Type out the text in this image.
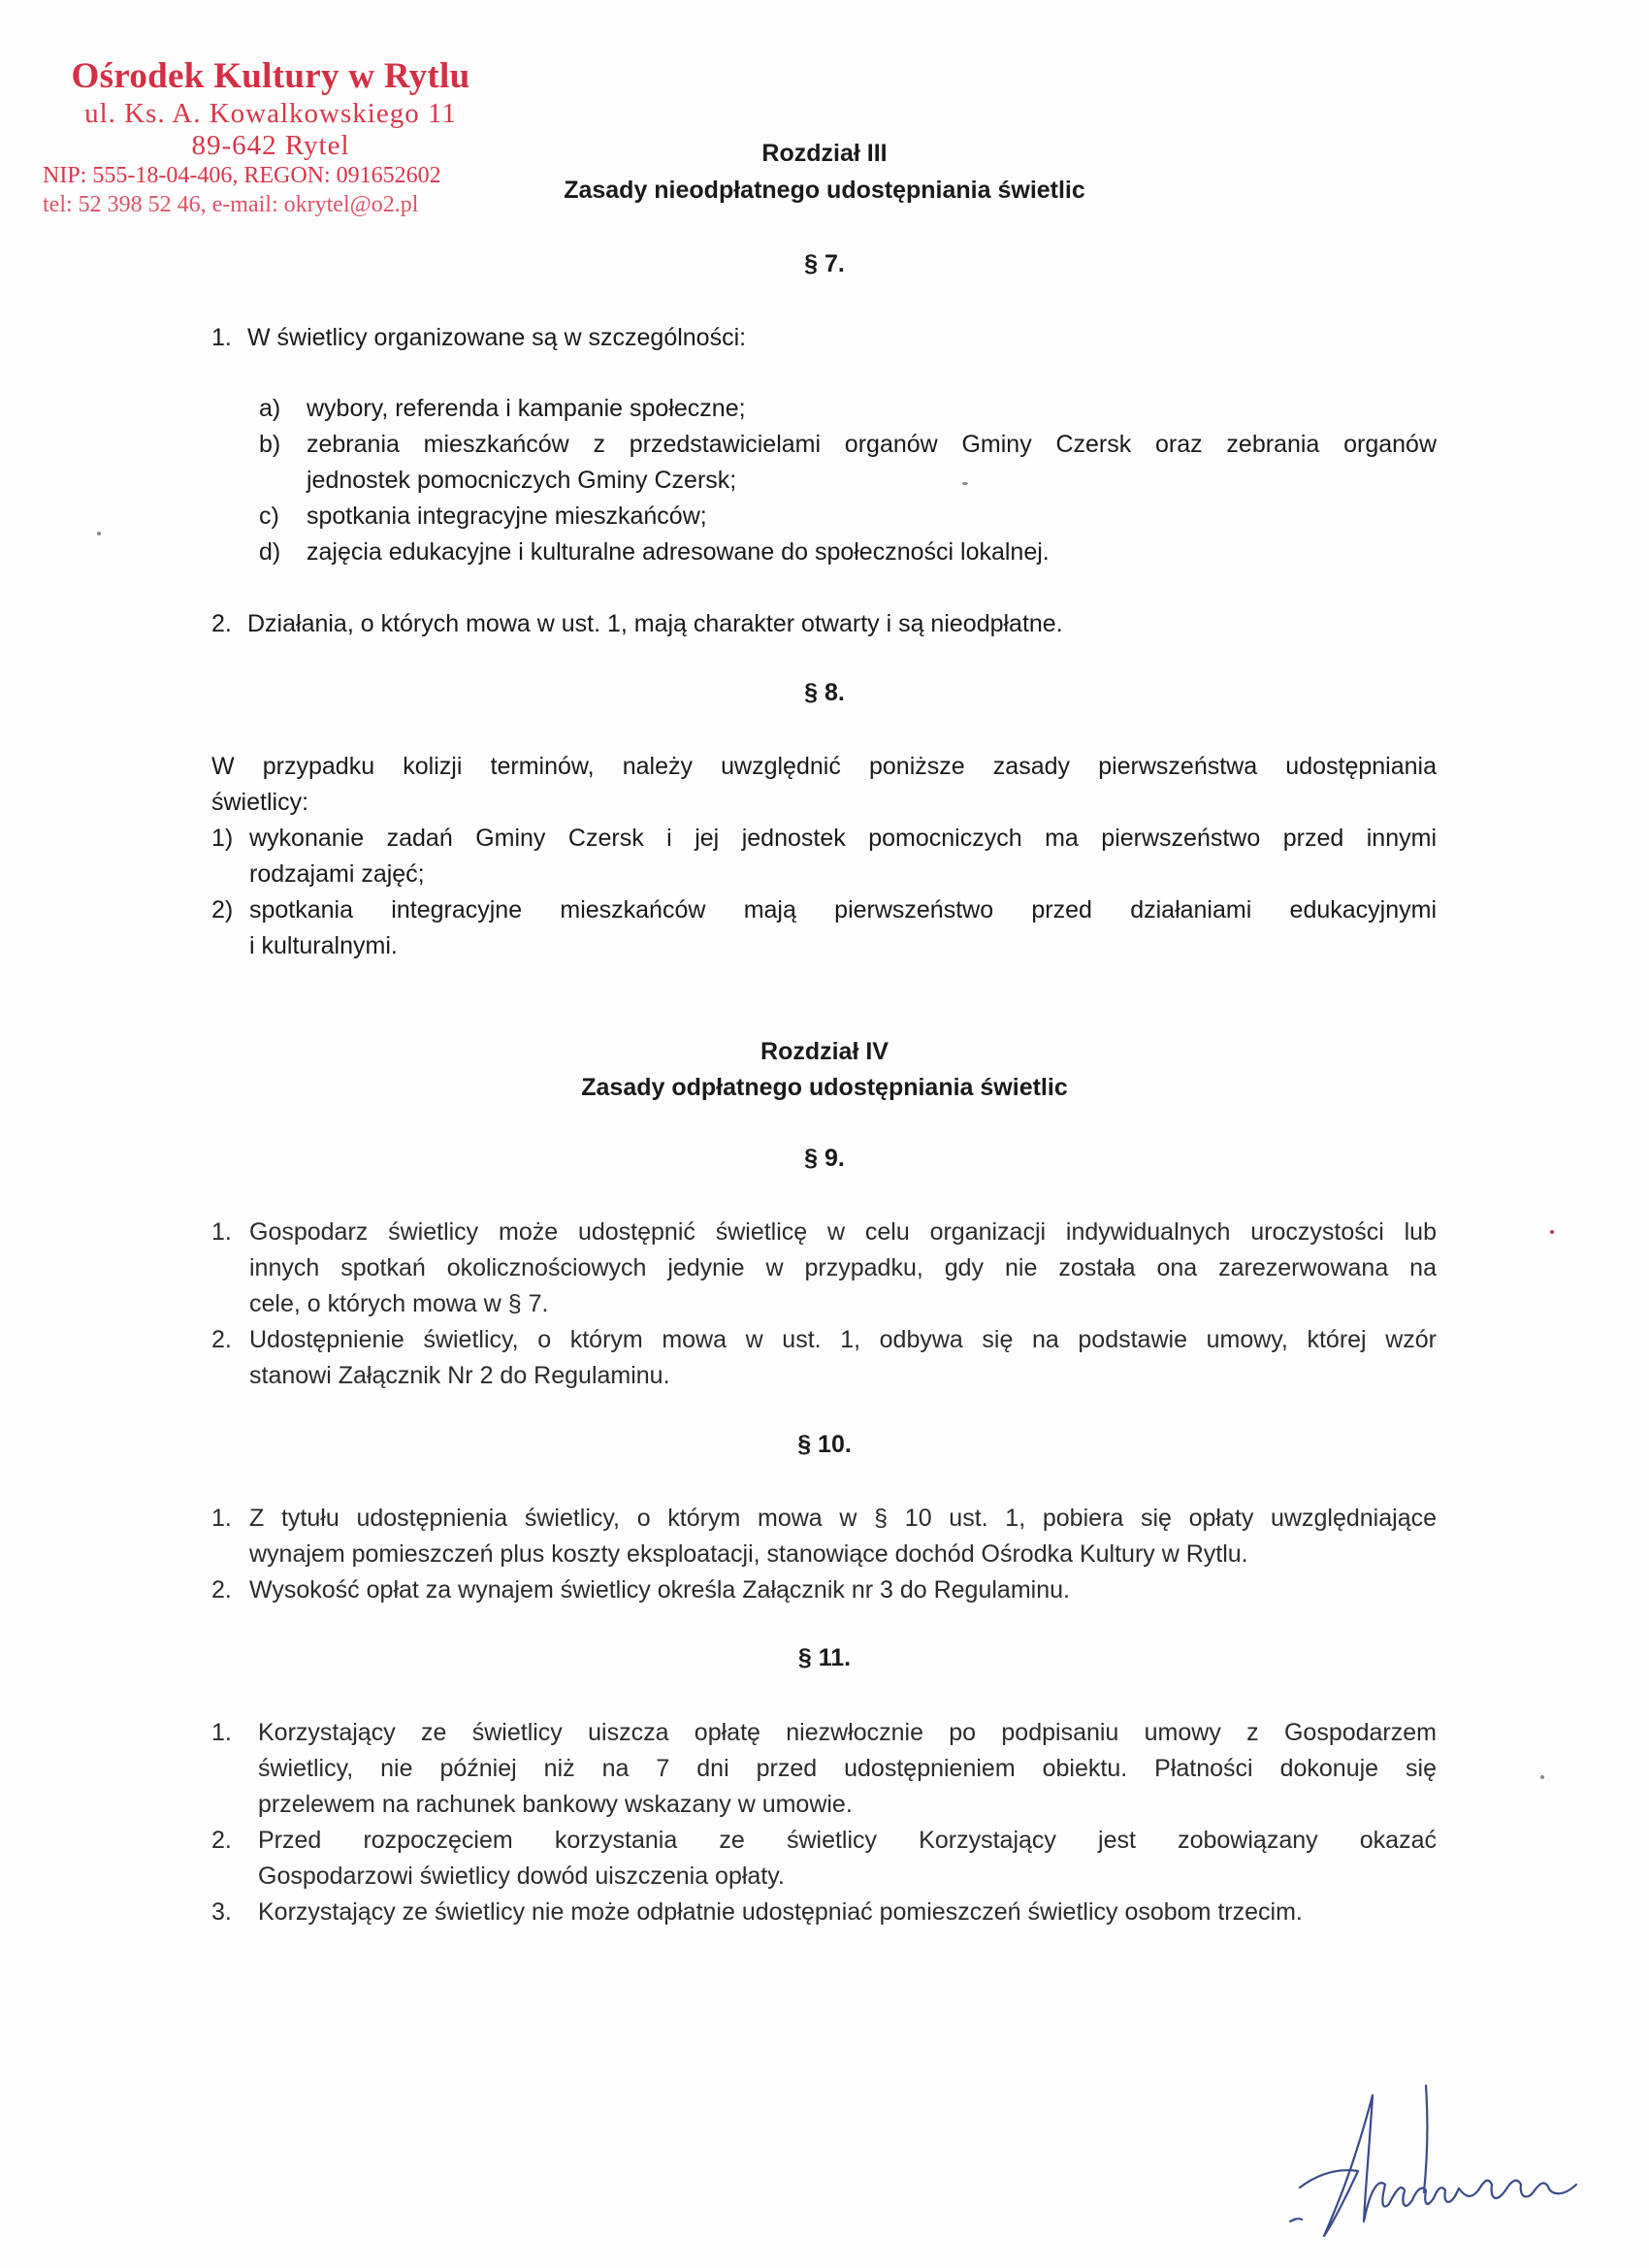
Ośrodek Kultury w Rytlu
ul. Ks. A. Kowalkowskiego 11
89-642 Rytel
NIP: 555-18-04-406, REGON: 091652602
tel: 52 398 52 46, e-mail: okrytel@o2.pl
Rozdział III
Zasady nieodpłatnego udostępniania świetlic
§ 7.
1. W świetlicy organizowane są w szczególności:
a) wybory, referenda i kampanie społeczne;
b) zebrania mieszkańców z przedstawicielami organów Gminy Czersk oraz zebrania organów
jednostek pomocniczych Gminy Czersk;
c) spotkania integracyjne mieszkańców;
d) zajęcia edukacyjne i kulturalne adresowane do społeczności lokalnej.
2. Działania, o których mowa w ust. 1, mają charakter otwarty i są nieodpłatne.
§ 8.
W przypadku kolizji terminów, należy uwzględnić poniższe zasady pierwszeństwa udostępniania
świetlicy:
1) wykonanie zadań Gminy Czersk i jej jednostek pomocniczych ma pierwszeństwo przed innymi
rodzajami zajęć;
2) spotkania integracyjne mieszkańców mają pierwszeństwo przed działaniami edukacyjnymi
i kulturalnymi.
Rozdział IV
Zasady odpłatnego udostępniania świetlic
§ 9.
1. Gospodarz świetlicy może udostępnić świetlicę w celu organizacji indywidualnych uroczystości lub
innych spotkań okolicznościowych jedynie w przypadku, gdy nie została ona zarezerwowana na
cele, o których mowa w § 7.
2. Udostępnienie świetlicy, o którym mowa w ust. 1, odbywa się na podstawie umowy, której wzór
stanowi Załącznik Nr 2 do Regulaminu.
§ 10.
1. Z tytułu udostępnienia świetlicy, o którym mowa w § 10 ust. 1, pobiera się opłaty uwzględniające
wynajem pomieszczeń plus koszty eksploatacji, stanowiące dochód Ośrodka Kultury w Rytlu.
2. Wysokość opłat za wynajem świetlicy określa Załącznik nr 3 do Regulaminu.
§ 11.
1. Korzystający ze świetlicy uiszcza opłatę niezwłocznie po podpisaniu umowy z Gospodarzem
świetlicy, nie później niż na 7 dni przed udostępnieniem obiektu. Płatności dokonuje się
przelewem na rachunek bankowy wskazany w umowie.
2. Przed rozpoczęciem korzystania ze świetlicy Korzystający jest zobowiązany okazać
Gospodarzowi świetlicy dowód uiszczenia opłaty.
3. Korzystający ze świetlicy nie może odpłatnie udostępniać pomieszczeń świetlicy osobom trzecim.
